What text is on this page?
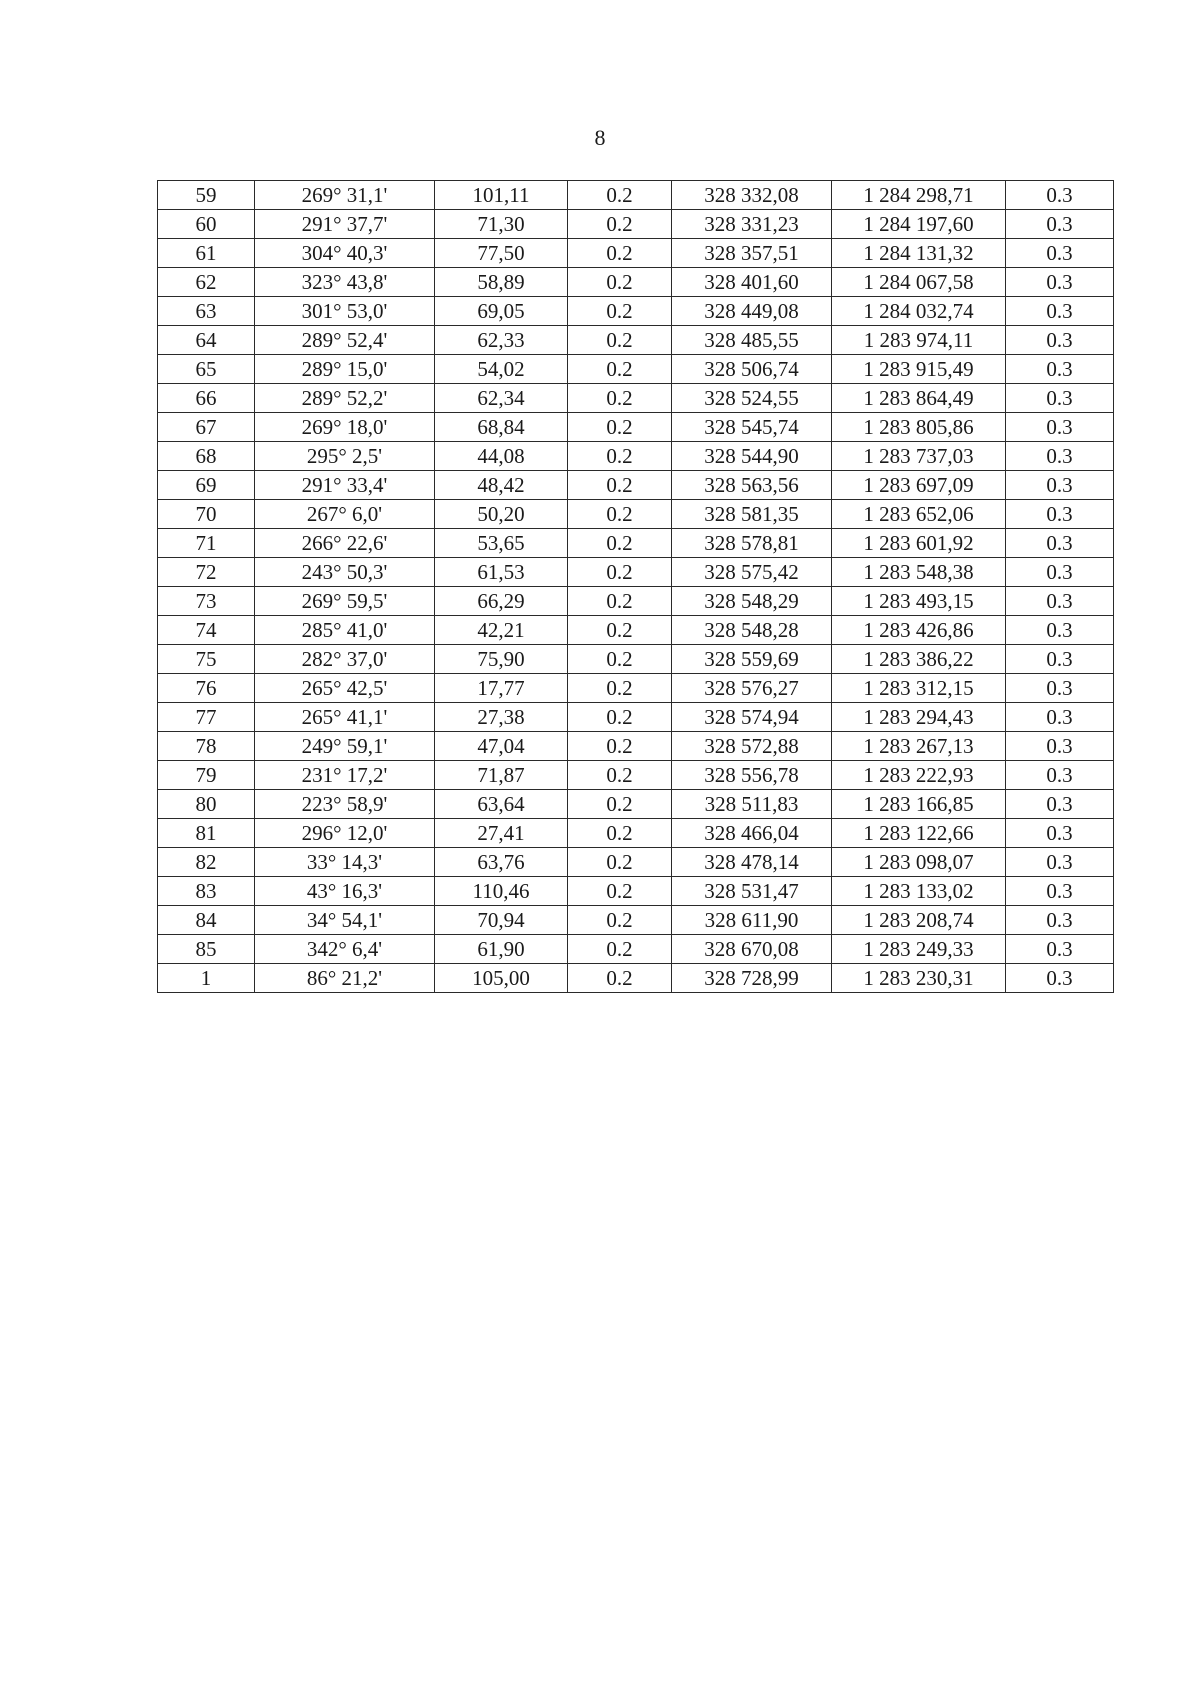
8
59	269° 31,1'	101,11	0.2	328 332,08	1 284 298,71	0.3
60	291° 37,7'	71,30	0.2	328 331,23	1 284 197,60	0.3
61	304° 40,3'	77,50	0.2	328 357,51	1 284 131,32	0.3
62	323° 43,8'	58,89	0.2	328 401,60	1 284 067,58	0.3
63	301° 53,0'	69,05	0.2	328 449,08	1 284 032,74	0.3
64	289° 52,4'	62,33	0.2	328 485,55	1 283 974,11	0.3
65	289° 15,0'	54,02	0.2	328 506,74	1 283 915,49	0.3
66	289° 52,2'	62,34	0.2	328 524,55	1 283 864,49	0.3
67	269° 18,0'	68,84	0.2	328 545,74	1 283 805,86	0.3
68	295° 2,5'	44,08	0.2	328 544,90	1 283 737,03	0.3
69	291° 33,4'	48,42	0.2	328 563,56	1 283 697,09	0.3
70	267° 6,0'	50,20	0.2	328 581,35	1 283 652,06	0.3
71	266° 22,6'	53,65	0.2	328 578,81	1 283 601,92	0.3
72	243° 50,3'	61,53	0.2	328 575,42	1 283 548,38	0.3
73	269° 59,5'	66,29	0.2	328 548,29	1 283 493,15	0.3
74	285° 41,0'	42,21	0.2	328 548,28	1 283 426,86	0.3
75	282° 37,0'	75,90	0.2	328 559,69	1 283 386,22	0.3
76	265° 42,5'	17,77	0.2	328 576,27	1 283 312,15	0.3
77	265° 41,1'	27,38	0.2	328 574,94	1 283 294,43	0.3
78	249° 59,1'	47,04	0.2	328 572,88	1 283 267,13	0.3
79	231° 17,2'	71,87	0.2	328 556,78	1 283 222,93	0.3
80	223° 58,9'	63,64	0.2	328 511,83	1 283 166,85	0.3
81	296° 12,0'	27,41	0.2	328 466,04	1 283 122,66	0.3
82	33° 14,3'	63,76	0.2	328 478,14	1 283 098,07	0.3
83	43° 16,3'	110,46	0.2	328 531,47	1 283 133,02	0.3
84	34° 54,1'	70,94	0.2	328 611,90	1 283 208,74	0.3
85	342° 6,4'	61,90	0.2	328 670,08	1 283 249,33	0.3
1	86° 21,2'	105,00	0.2	328 728,99	1 283 230,31	0.3
